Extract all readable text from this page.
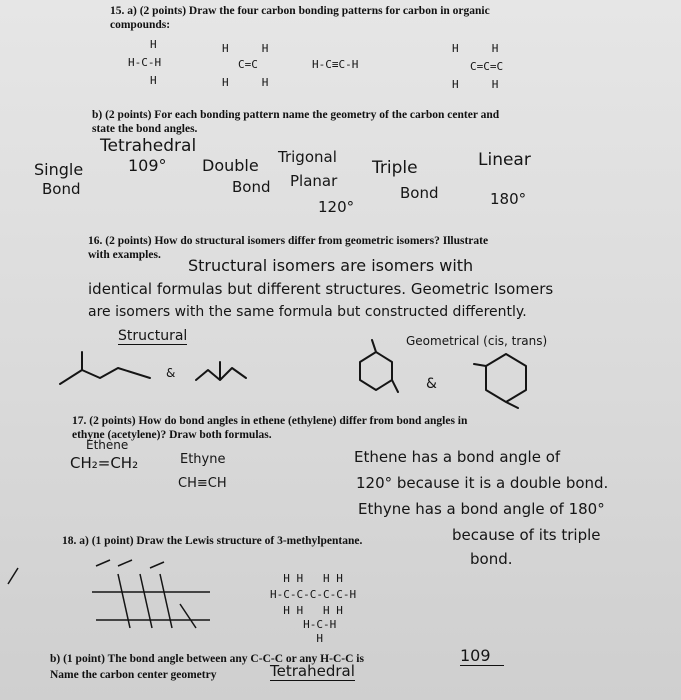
15. a) (2 points) Draw the four carbon bonding patterns for carbon in organic
compounds:
H
H-C-H
H
H     H
C=C
H     H
H-C≡C-H
H     H
C=C=C
H     H
b) (2 points) For each bonding pattern name the geometry of the carbon center and
state the bond angles.
Tetrahedral
Single
Bond
109° Double
Bond
Trigonal
Planar
120°
Triple
Bond
Linear
180°
16. (2 points) How do structural isomers differ from geometric isomers? Illustrate
with examples.
Structural isomers are isomers with
identical formulas but different structures. Geometric Isomers
are isomers with the same formula but constructed differently.
Structural	Geometrical (cis, trans)
&
&
17. (2 points) How do bond angles in ethene (ethylene) differ from bond angles in
ethyne (acetylene)? Draw both formulas.
Ethene
CH₂=CH₂	Ethyne
CH≡CH
Ethene has a bond angle of
120° because it is a double bond.
Ethyne has a bond angle of 180°
because of its triple
bond.
18. a) (1 point) Draw the Lewis structure of 3-methylpentane.
H H   H H
H-C-C-C-C-C-H
H H   H H
H-C-H
H
b) (1 point) The bond angle between any C-C-C or any H-C-C is	109
Name the carbon center geometry	Tetrahedral
